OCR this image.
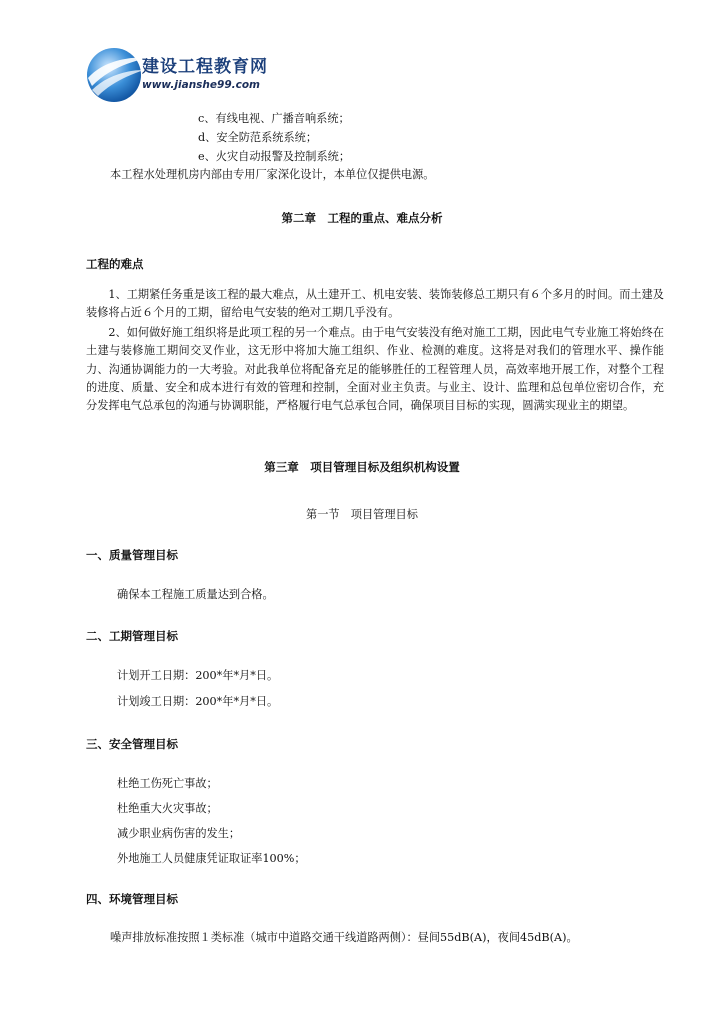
建设工程教育网
www.jianshe99.com
c、有线电视、广播音响系统；
d、安全防范系统系统；
e、火灾自动报警及控制系统；
本工程水处理机房内部由专用厂家深化设计，本单位仅提供电源。
第二章　工程的重点、难点分析
工程的难点
1、工期紧任务重是该工程的最大难点，从土建开工、机电安装、装饰装修总工期只有６个多月的时间。而土建及装修将占近６个月的工期，留给电气安装的绝对工期几乎没有。
2、如何做好施工组织将是此项工程的另一个难点。由于电气安装没有绝对施工工期，因此电气专业施工将始终在土建与装修施工期间交叉作业，这无形中将加大施工组织、作业、检测的难度。这将是对我们的管理水平、操作能力、沟通协调能力的一大考验。对此我单位将配备充足的能够胜任的工程管理人员，高效率地开展工作，对整个工程的进度、质量、安全和成本进行有效的管理和控制，全面对业主负责。与业主、设计、监理和总包单位密切合作，充分发挥电气总承包的沟通与协调职能，严格履行电气总承包合同，确保项目目标的实现，圆满实现业主的期望。
第三章　项目管理目标及组织机构设置
第一节　项目管理目标
一、质量管理目标
确保本工程施工质量达到合格。
二、工期管理目标
计划开工日期：200*年*月*日。
计划竣工日期：200*年*月*日。
三、安全管理目标
杜绝工伤死亡事故；
杜绝重大火灾事故；
减少职业病伤害的发生；
外地施工人员健康凭证取证率100%；
四、环境管理目标
噪声排放标准按照１类标准（城市中道路交通干线道路两侧）：昼间55dB(A)，夜间45dB(A)。
